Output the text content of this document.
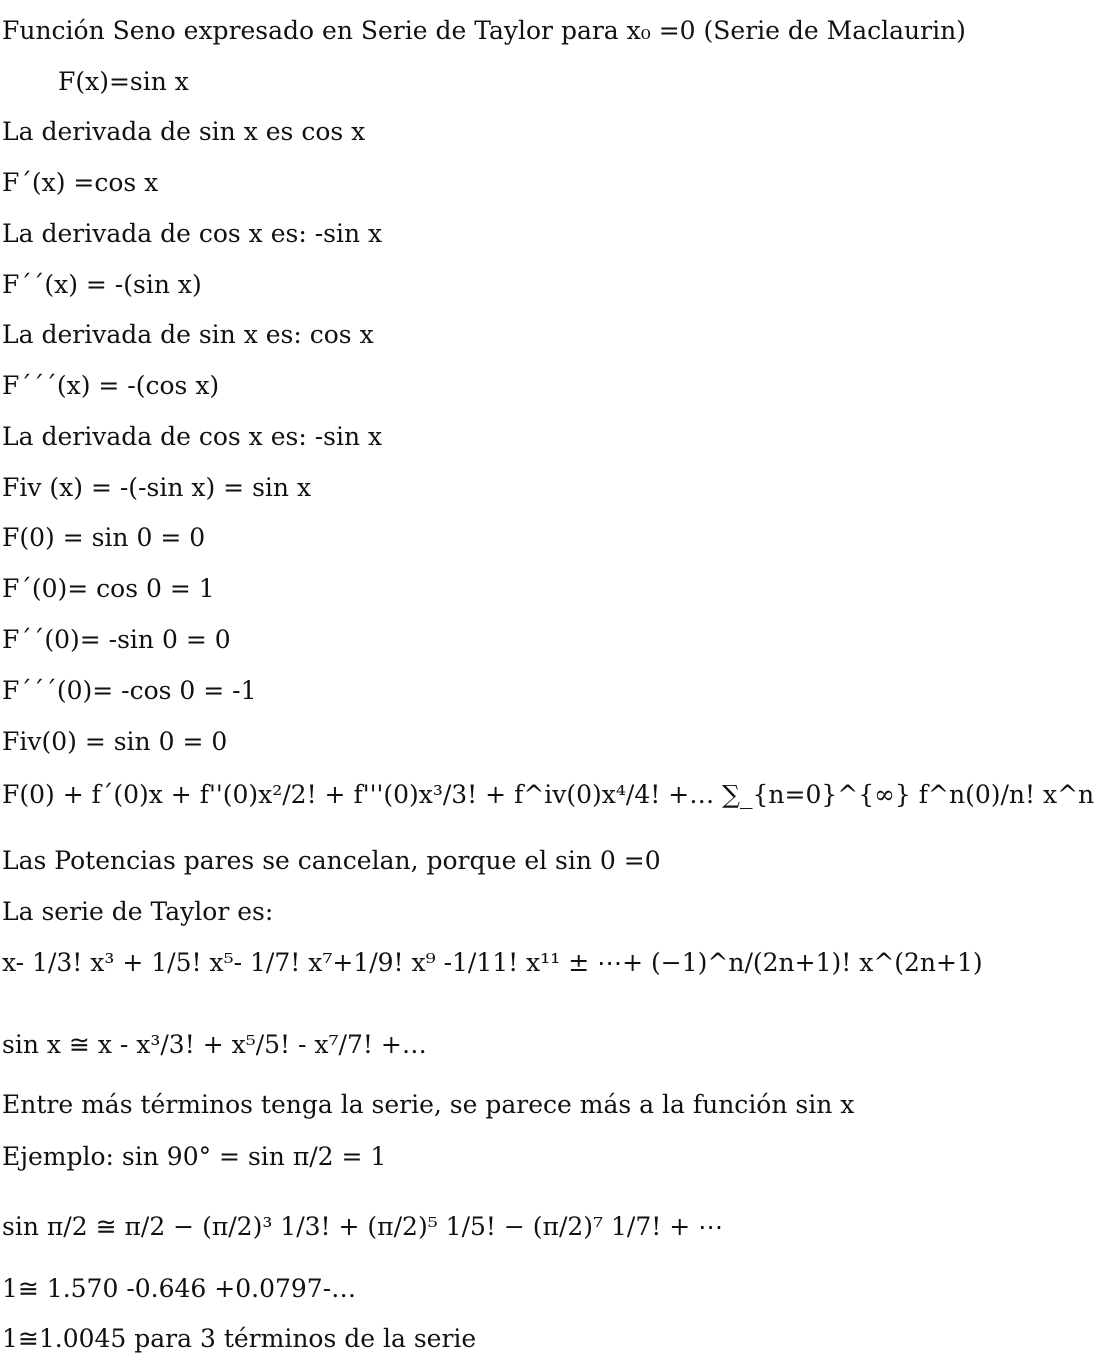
Función Seno expresado en Serie de Taylor para x₀ =0 (Serie de Maclaurin)
F(x)=sin x
La derivada de sin x es cos x
F´(x) =cos x
La derivada de cos x es: -sin x
F´´(x) = -(sin x)
La derivada de sin x es: cos x
F´´´(x) = -(cos x)
La derivada de cos x es: -sin x
Fiv (x) = -(-sin x) = sin x
F(0) = sin 0 = 0
F´(0)= cos 0 = 1
F´´(0)= -sin 0 = 0
F´´´(0)= -cos 0 = -1
Fiv(0) = sin 0 = 0
F(0) + f´(0)x + f''(0)x²/2! + f'''(0)x³/3! + f^iv(0)x⁴/4! +… ∑_{n=0}^{∞} f^n(0)/n! x^n
Las Potencias pares se cancelan, porque el sin 0 =0
La serie de Taylor es:
x- 1/3! x³ + 1/5! x⁵- 1/7! x⁷+1/9! x⁹ -1/11! x¹¹ ± ⋯+ (−1)^n/(2n+1)! x^(2n+1)
sin x ≅ x - x³/3! + x⁵/5! - x⁷/7! +…
Entre más términos tenga la serie, se parece más a la función sin x
Ejemplo: sin 90° = sin π/2 = 1
sin π/2 ≅ π/2 − (π/2)³ 1/3! + (π/2)⁵ 1/5! − (π/2)⁷ 1/7! + ⋯
1≅ 1.570 -0.646 +0.0797-…
1≅1.0045 para 3 términos de la serie
